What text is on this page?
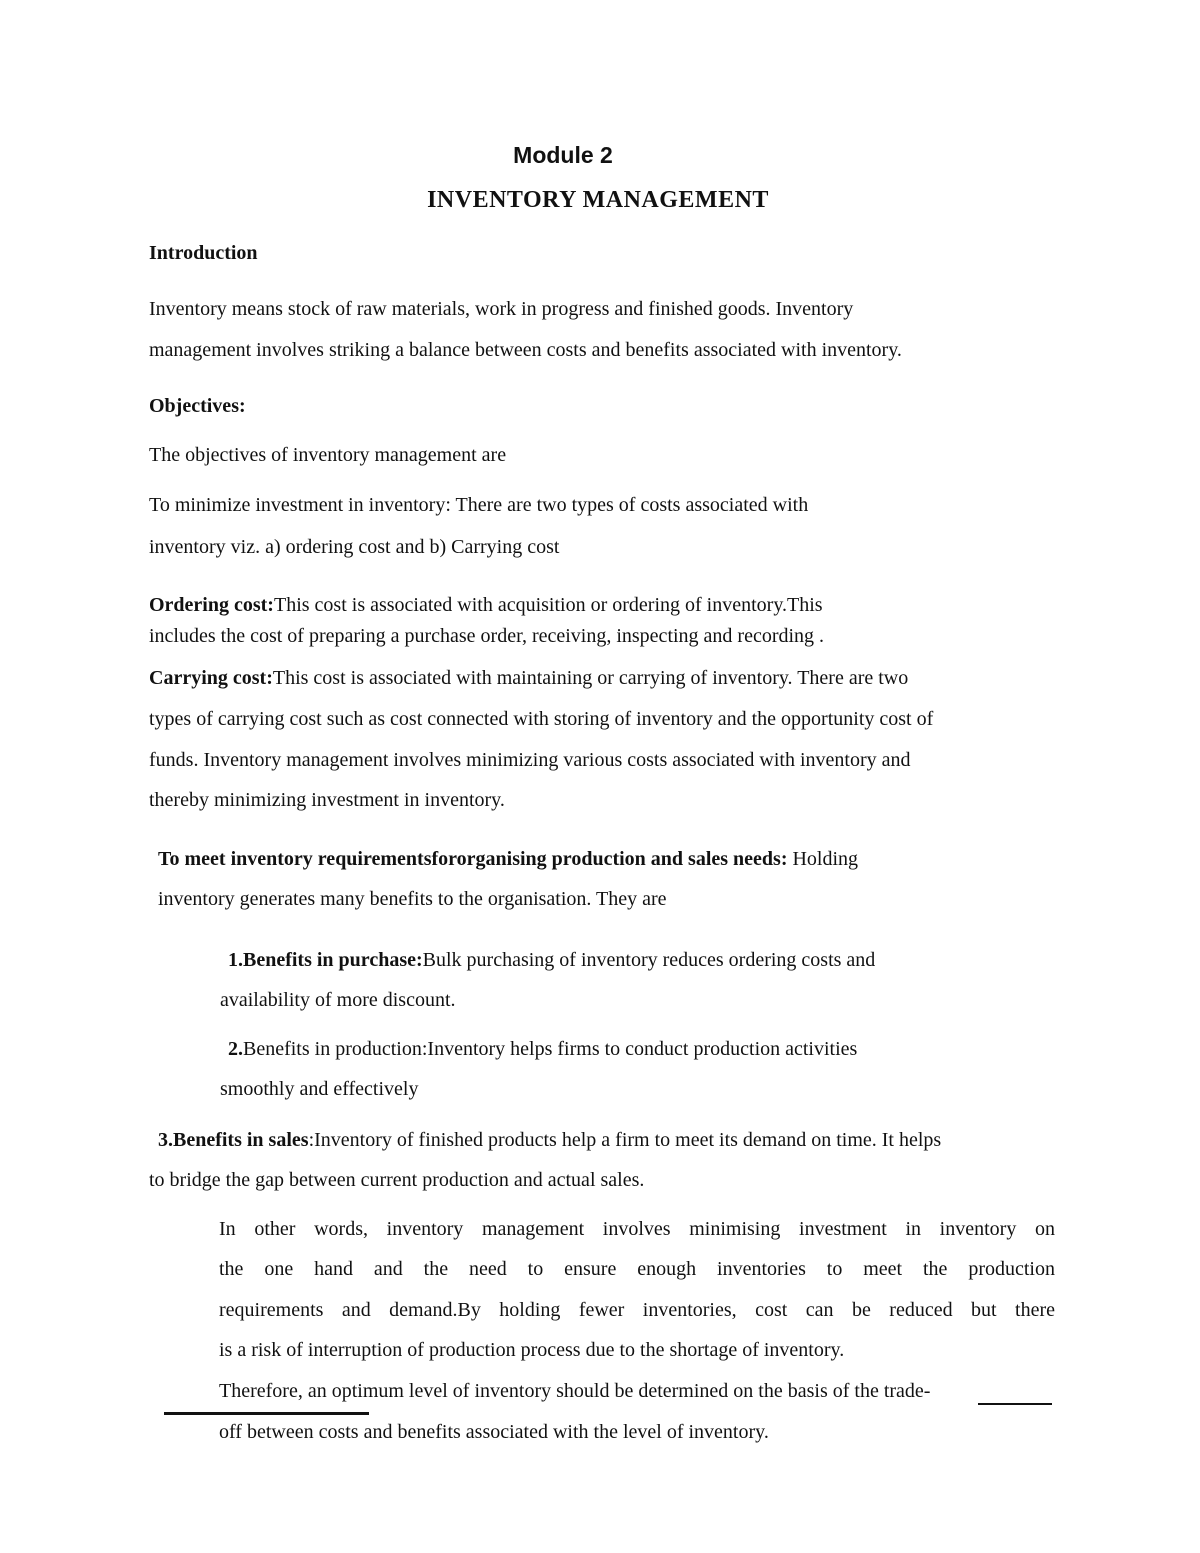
Module 2
INVENTORY MANAGEMENT
Introduction
Inventory means stock of raw materials, work in progress and finished goods. Inventory
management involves striking a balance between costs and benefits associated with inventory.
Objectives:
The objectives of inventory management are
To minimize investment in inventory: There are two types of costs associated with
inventory viz. a) ordering cost and b) Carrying cost
Ordering cost:This cost is associated with acquisition or ordering of inventory.This
includes the cost of preparing a purchase order, receiving, inspecting and recording .
Carrying cost:This cost is associated with maintaining or carrying of inventory. There are two
types of carrying cost such as cost connected with storing of inventory and the opportunity cost of
funds. Inventory management involves minimizing various costs associated with inventory and
thereby minimizing investment in inventory.
To meet inventory requirementsfororganising production and sales needs: Holding
inventory generates many benefits to the organisation. They are
1.Benefits in purchase:Bulk purchasing of inventory reduces ordering costs and
availability of more discount.
2.Benefits in production:Inventory helps firms to conduct production activities
smoothly and effectively
3.Benefits in sales:Inventory of finished products help a firm to meet its demand on time. It helps
to bridge the gap between current production and actual sales.
In other words, inventory management involves minimising investment in inventory on
the one hand and the need to ensure enough inventories to meet the production
requirements and demand.By holding fewer inventories, cost can be reduced but there
is a risk of interruption of production process due to the shortage of inventory.
Therefore, an optimum level of inventory should be determined on the basis of the trade-
off between costs and benefits associated with the level of inventory.
